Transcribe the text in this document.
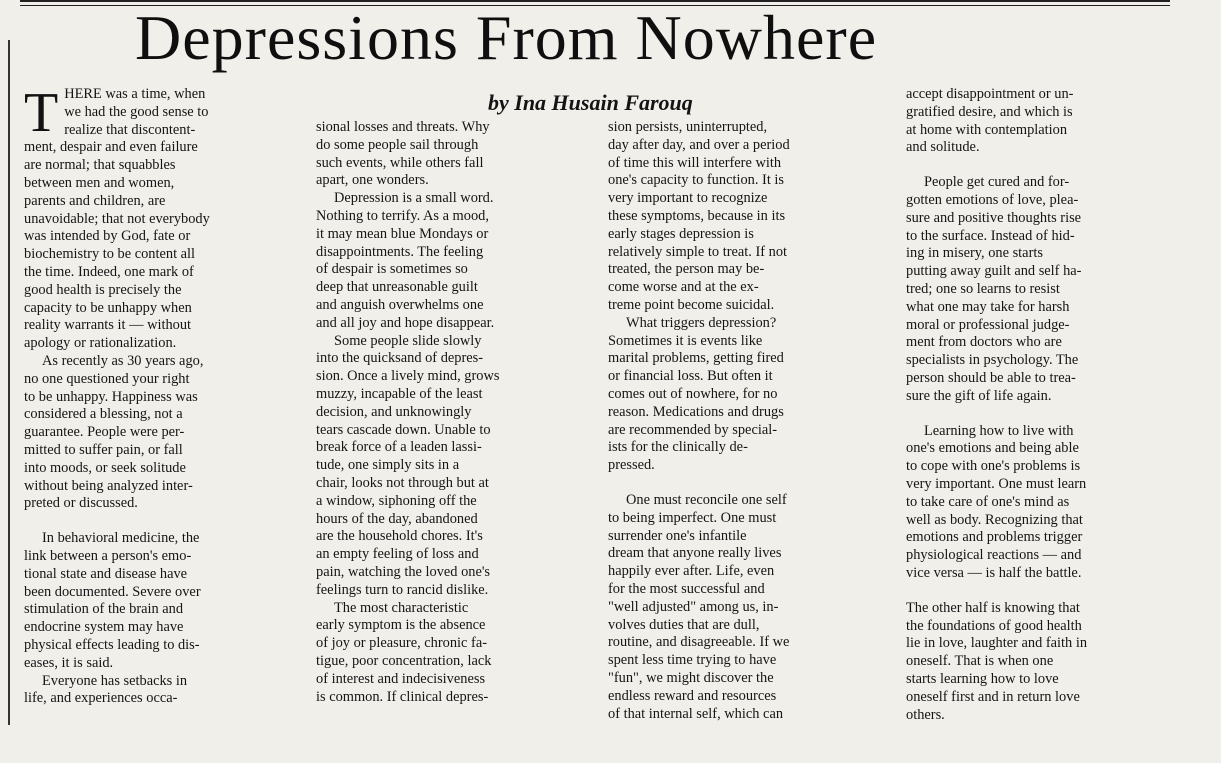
Depressions From Nowhere
by Ina Husain Farouq
T HERE was a time, when
we had the good sense to
realize that discontent-
ment, despair and even failure
are normal; that squabbles
between men and women,
parents and children, are
unavoidable; that not everybody
was intended by God, fate or
biochemistry to be content all
the time. Indeed, one mark of
good health is precisely the
capacity to be unhappy when
reality warrants it — without
apology or rationalization.

As recently as 30 years ago,
no one questioned your right
to be unhappy. Happiness was
considered a blessing, not a
guarantee. People were per-
mitted to suffer pain, or fall
into moods, or seek solitude
without being analyzed inter-
preted or discussed.

In behavioral medicine, the
link between a person's emo-
tional state and disease have
been documented. Severe over
stimulation of the brain and
endocrine system may have
physical effects leading to dis-
eases, it is said.

Everyone has setbacks in
life, and experiences occa-

sional losses and threats. Why
do some people sail through
such events, while others fall
apart, one wonders.

Depression is a small word.
Nothing to terrify. As a mood,
it may mean blue Mondays or
disappointments. The feeling
of despair is sometimes so
deep that unreasonable guilt
and anguish overwhelms one
and all joy and hope disappear.

Some people slide slowly
into the quicksand of depres-
sion. Once a lively mind, grows
muzzy, incapable of the least
decision, and unknowingly
tears cascade down. Unable to
break force of a leaden lassi-
tude, one simply sits in a
chair, looks not through but at
a window, siphoning off the
hours of the day, abandoned
are the household chores. It's
an empty feeling of loss and
pain, watching the loved one's
feelings turn to rancid dislike.

The most characteristic
early symptom is the absence
of joy or pleasure, chronic fa-
tigue, poor concentration, lack
of interest and indecisiveness
is common. If clinical depres-

sion persists, uninterrupted,
day after day, and over a period
of time this will interfere with
one's capacity to function. It is
very important to recognize
these symptoms, because in its
early stages depression is
relatively simple to treat. If not
treated, the person may be-
come worse and at the ex-
treme point become suicidal.

What triggers depression?
Sometimes it is events like
marital problems, getting fired
or financial loss. But often it
comes out of nowhere, for no
reason. Medications and drugs
are recommended by special-
ists for the clinically de-
pressed.

One must reconcile one self
to being imperfect. One must
surrender one's infantile
dream that anyone really lives
happily ever after. Life, even
for the most successful and
"well adjusted" among us, in-
volves duties that are dull,
routine, and disagreeable. If we
spent less time trying to have
"fun", we might discover the
endless reward and resources
of that internal self, which can

accept disappointment or un-
gratified desire, and which is
at home with contemplation
and solitude.

People get cured and for-
gotten emotions of love, plea-
sure and positive thoughts rise
to the surface. Instead of hid-
ing in misery, one starts
putting away guilt and self ha-
tred; one so learns to resist
what one may take for harsh
moral or professional judge-
ment from doctors who are
specialists in psychology. The
person should be able to trea-
sure the gift of life again.

Learning how to live with
one's emotions and being able
to cope with one's problems is
very important. One must learn
to take care of one's mind as
well as body. Recognizing that
emotions and problems trigger
physiological reactions — and
vice versa — is half the battle.

The other half is knowing that
the foundations of good health
lie in love, laughter and faith in
oneself. That is when one
starts learning how to love
oneself first and in return love
others.
